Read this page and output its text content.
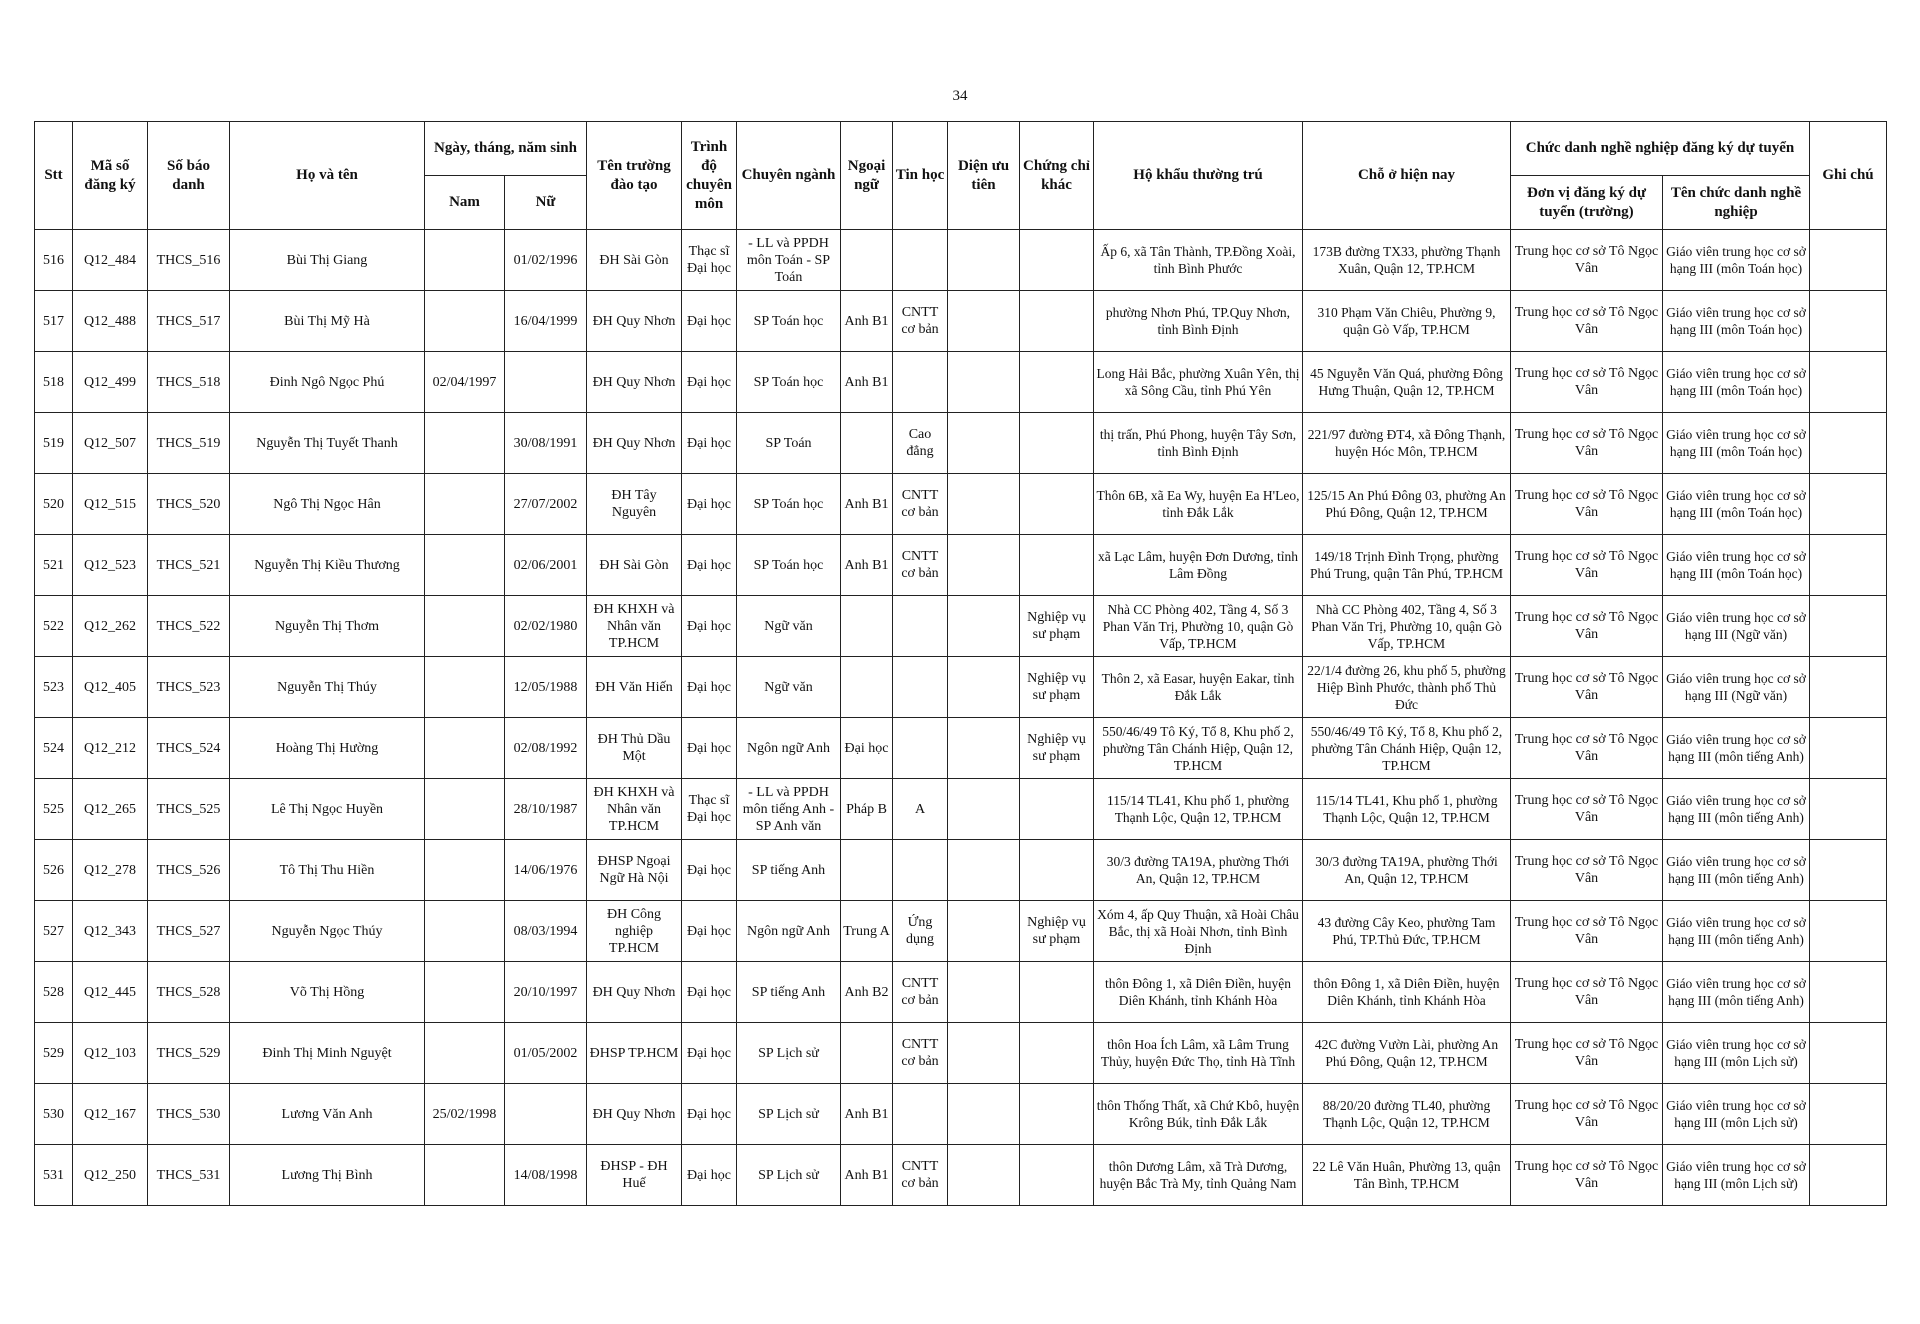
34
Stt	Mã số đăng ký	Số báo danh	Họ và tên	Ngày, tháng, năm sinh		Tên trường đào tạo	Trình độ chuyên môn	Chuyên ngành	Ngoại ngữ	Tin học	Diện ưu tiên	Chứng chỉ khác	Hộ khẩu thường trú	Chỗ ở hiện nay	Chức danh nghề nghiệp đăng ký dự tuyển		Ghi chú
				Nam	Nữ										Đơn vị đăng ký dự tuyển (trường)	Tên chức danh nghề nghiệp	
516	Q12_484	THCS_516	Bùi Thị Giang		01/02/1996	ĐH Sài Gòn	Thạc sĩ Đại học	- LL và PPDH môn Toán - SP Toán					Ấp 6, xã Tân Thành, TP.Đồng Xoài, tỉnh Bình Phước	173B đường TX33, phường Thạnh Xuân, Quận 12, TP.HCM	Trung học cơ sở Tô Ngọc Vân	Giáo viên trung học cơ sở hạng III (môn Toán học)	
517	Q12_488	THCS_517	Bùi Thị Mỹ Hà		16/04/1999	ĐH Quy Nhơn	Đại học	SP Toán học	Anh B1	CNTT cơ bản			phường Nhơn Phú, TP.Quy Nhơn, tỉnh Bình Định	310 Phạm Văn Chiêu, Phường 9, quận Gò Vấp, TP.HCM	Trung học cơ sở Tô Ngọc Vân	Giáo viên trung học cơ sở hạng III (môn Toán học)	
518	Q12_499	THCS_518	Đinh Ngô Ngọc Phú	02/04/1997		ĐH Quy Nhơn	Đại học	SP Toán học	Anh B1				Long Hải Bắc, phường Xuân Yên, thị xã Sông Cầu, tỉnh Phú Yên	45 Nguyễn Văn Quá, phường Đông Hưng Thuận, Quận 12, TP.HCM	Trung học cơ sở Tô Ngọc Vân	Giáo viên trung học cơ sở hạng III (môn Toán học)	
519	Q12_507	THCS_519	Nguyễn Thị Tuyết Thanh		30/08/1991	ĐH Quy Nhơn	Đại học	SP Toán		Cao đẳng			thị trấn, Phú Phong, huyện Tây Sơn, tỉnh Bình Định	221/97 đường ĐT4, xã Đông Thạnh, huyện Hóc Môn, TP.HCM	Trung học cơ sở Tô Ngọc Vân	Giáo viên trung học cơ sở hạng III (môn Toán học)	
520	Q12_515	THCS_520	Ngô Thị Ngọc Hân		27/07/2002	ĐH Tây Nguyên	Đại học	SP Toán học	Anh B1	CNTT cơ bản			Thôn 6B, xã Ea Wy, huyện Ea H'Leo, tỉnh Đắk Lắk	125/15 An Phú Đông 03, phường An Phú Đông, Quận 12, TP.HCM	Trung học cơ sở Tô Ngọc Vân	Giáo viên trung học cơ sở hạng III (môn Toán học)	
521	Q12_523	THCS_521	Nguyễn Thị Kiều Thương		02/06/2001	ĐH Sài Gòn	Đại học	SP Toán học	Anh B1	CNTT cơ bản			xã Lạc Lâm, huyện Đơn Dương, tỉnh Lâm Đồng	149/18 Trịnh Đình Trọng, phường Phú Trung, quận Tân Phú, TP.HCM	Trung học cơ sở Tô Ngọc Vân	Giáo viên trung học cơ sở hạng III (môn Toán học)	
522	Q12_262	THCS_522	Nguyễn Thị Thơm		02/02/1980	ĐH KHXH và Nhân văn TP.HCM	Đại học	Ngữ văn				Nghiệp vụ sư phạm	Nhà CC Phòng 402, Tầng 4, Số 3 Phan Văn Trị, Phường 10, quận Gò Vấp, TP.HCM	Nhà CC Phòng 402, Tầng 4, Số 3 Phan Văn Trị, Phường 10, quận Gò Vấp, TP.HCM	Trung học cơ sở Tô Ngọc Vân	Giáo viên trung học cơ sở hạng III (Ngữ văn)	
523	Q12_405	THCS_523	Nguyễn Thị Thúy		12/05/1988	ĐH Văn Hiến	Đại học	Ngữ văn				Nghiệp vụ sư phạm	Thôn 2, xã Easar, huyện Eakar, tỉnh Đắk Lắk	22/1/4 đường 26, khu phố 5, phường Hiệp Bình Phước, thành phố Thủ Đức	Trung học cơ sở Tô Ngọc Vân	Giáo viên trung học cơ sở hạng III (Ngữ văn)	
524	Q12_212	THCS_524	Hoàng Thị Hường		02/08/1992	ĐH Thủ Dầu Một	Đại học	Ngôn ngữ Anh	Đại học			Nghiệp vụ sư phạm	550/46/49 Tô Ký, Tổ 8, Khu phố 2, phường Tân Chánh Hiệp, Quận 12, TP.HCM	550/46/49 Tô Ký, Tổ 8, Khu phố 2, phường Tân Chánh Hiệp, Quận 12, TP.HCM	Trung học cơ sở Tô Ngọc Vân	Giáo viên trung học cơ sở hạng III (môn tiếng Anh)	
525	Q12_265	THCS_525	Lê Thị Ngọc Huyền		28/10/1987	ĐH KHXH và Nhân văn TP.HCM	Thạc sĩ Đại học	- LL và PPDH môn tiếng Anh - SP Anh văn	Pháp B	A			115/14 TL41, Khu phố 1, phường Thạnh Lộc, Quận 12, TP.HCM	115/14 TL41, Khu phố 1, phường Thạnh Lộc, Quận 12, TP.HCM	Trung học cơ sở Tô Ngọc Vân	Giáo viên trung học cơ sở hạng III (môn tiếng Anh)	
526	Q12_278	THCS_526	Tô Thị Thu Hiền		14/06/1976	ĐHSP Ngoại Ngữ Hà Nội	Đại học	SP tiếng Anh					30/3 đường TA19A, phường Thới An, Quận 12, TP.HCM	30/3 đường TA19A, phường Thới An, Quận 12, TP.HCM	Trung học cơ sở Tô Ngọc Vân	Giáo viên trung học cơ sở hạng III (môn tiếng Anh)	
527	Q12_343	THCS_527	Nguyễn Ngọc Thúy		08/03/1994	ĐH Công nghiệp TP.HCM	Đại học	Ngôn ngữ Anh	Trung A	Ứng dụng		Nghiệp vụ sư phạm	Xóm 4, ấp Quy Thuận, xã Hoài Châu Bắc, thị xã Hoài Nhơn, tỉnh Bình Định	43 đường Cây Keo, phường Tam Phú, TP.Thủ Đức, TP.HCM	Trung học cơ sở Tô Ngọc Vân	Giáo viên trung học cơ sở hạng III (môn tiếng Anh)	
528	Q12_445	THCS_528	Võ Thị Hồng		20/10/1997	ĐH Quy Nhơn	Đại học	SP tiếng Anh	Anh B2	CNTT cơ bản			thôn Đông 1, xã Diên Điền, huyện Diên Khánh, tỉnh Khánh Hòa	thôn Đông 1, xã Diên Điền, huyện Diên Khánh, tỉnh Khánh Hòa	Trung học cơ sở Tô Ngọc Vân	Giáo viên trung học cơ sở hạng III (môn tiếng Anh)	
529	Q12_103	THCS_529	Đinh Thị Minh Nguyệt		01/05/2002	ĐHSP TP.HCM	Đại học	SP Lịch sử		CNTT cơ bản			thôn Hoa Ích Lâm, xã Lâm Trung Thủy, huyện Đức Thọ, tỉnh Hà Tĩnh	42C đường Vườn Lài, phường An Phú Đông, Quận 12, TP.HCM	Trung học cơ sở Tô Ngọc Vân	Giáo viên trung học cơ sở hạng III (môn Lịch sử)	
530	Q12_167	THCS_530	Lương Văn Anh	25/02/1998		ĐH Quy Nhơn	Đại học	SP Lịch sử	Anh B1				thôn Thống Thất, xã Chứ Kbô, huyện Krông Búk, tỉnh Đắk Lắk	88/20/20 đường TL40, phường Thạnh Lộc, Quận 12, TP.HCM	Trung học cơ sở Tô Ngọc Vân	Giáo viên trung học cơ sở hạng III (môn Lịch sử)	
531	Q12_250	THCS_531	Lương Thị Bình		14/08/1998	ĐHSP - ĐH Huế	Đại học	SP Lịch sử	Anh B1	CNTT cơ bản			thôn Dương Lâm, xã Trà Dương, huyện Bắc Trà My, tỉnh Quảng Nam	22 Lê Văn Huân, Phường 13, quận Tân Bình, TP.HCM	Trung học cơ sở Tô Ngọc Vân	Giáo viên trung học cơ sở hạng III (môn Lịch sử)	
